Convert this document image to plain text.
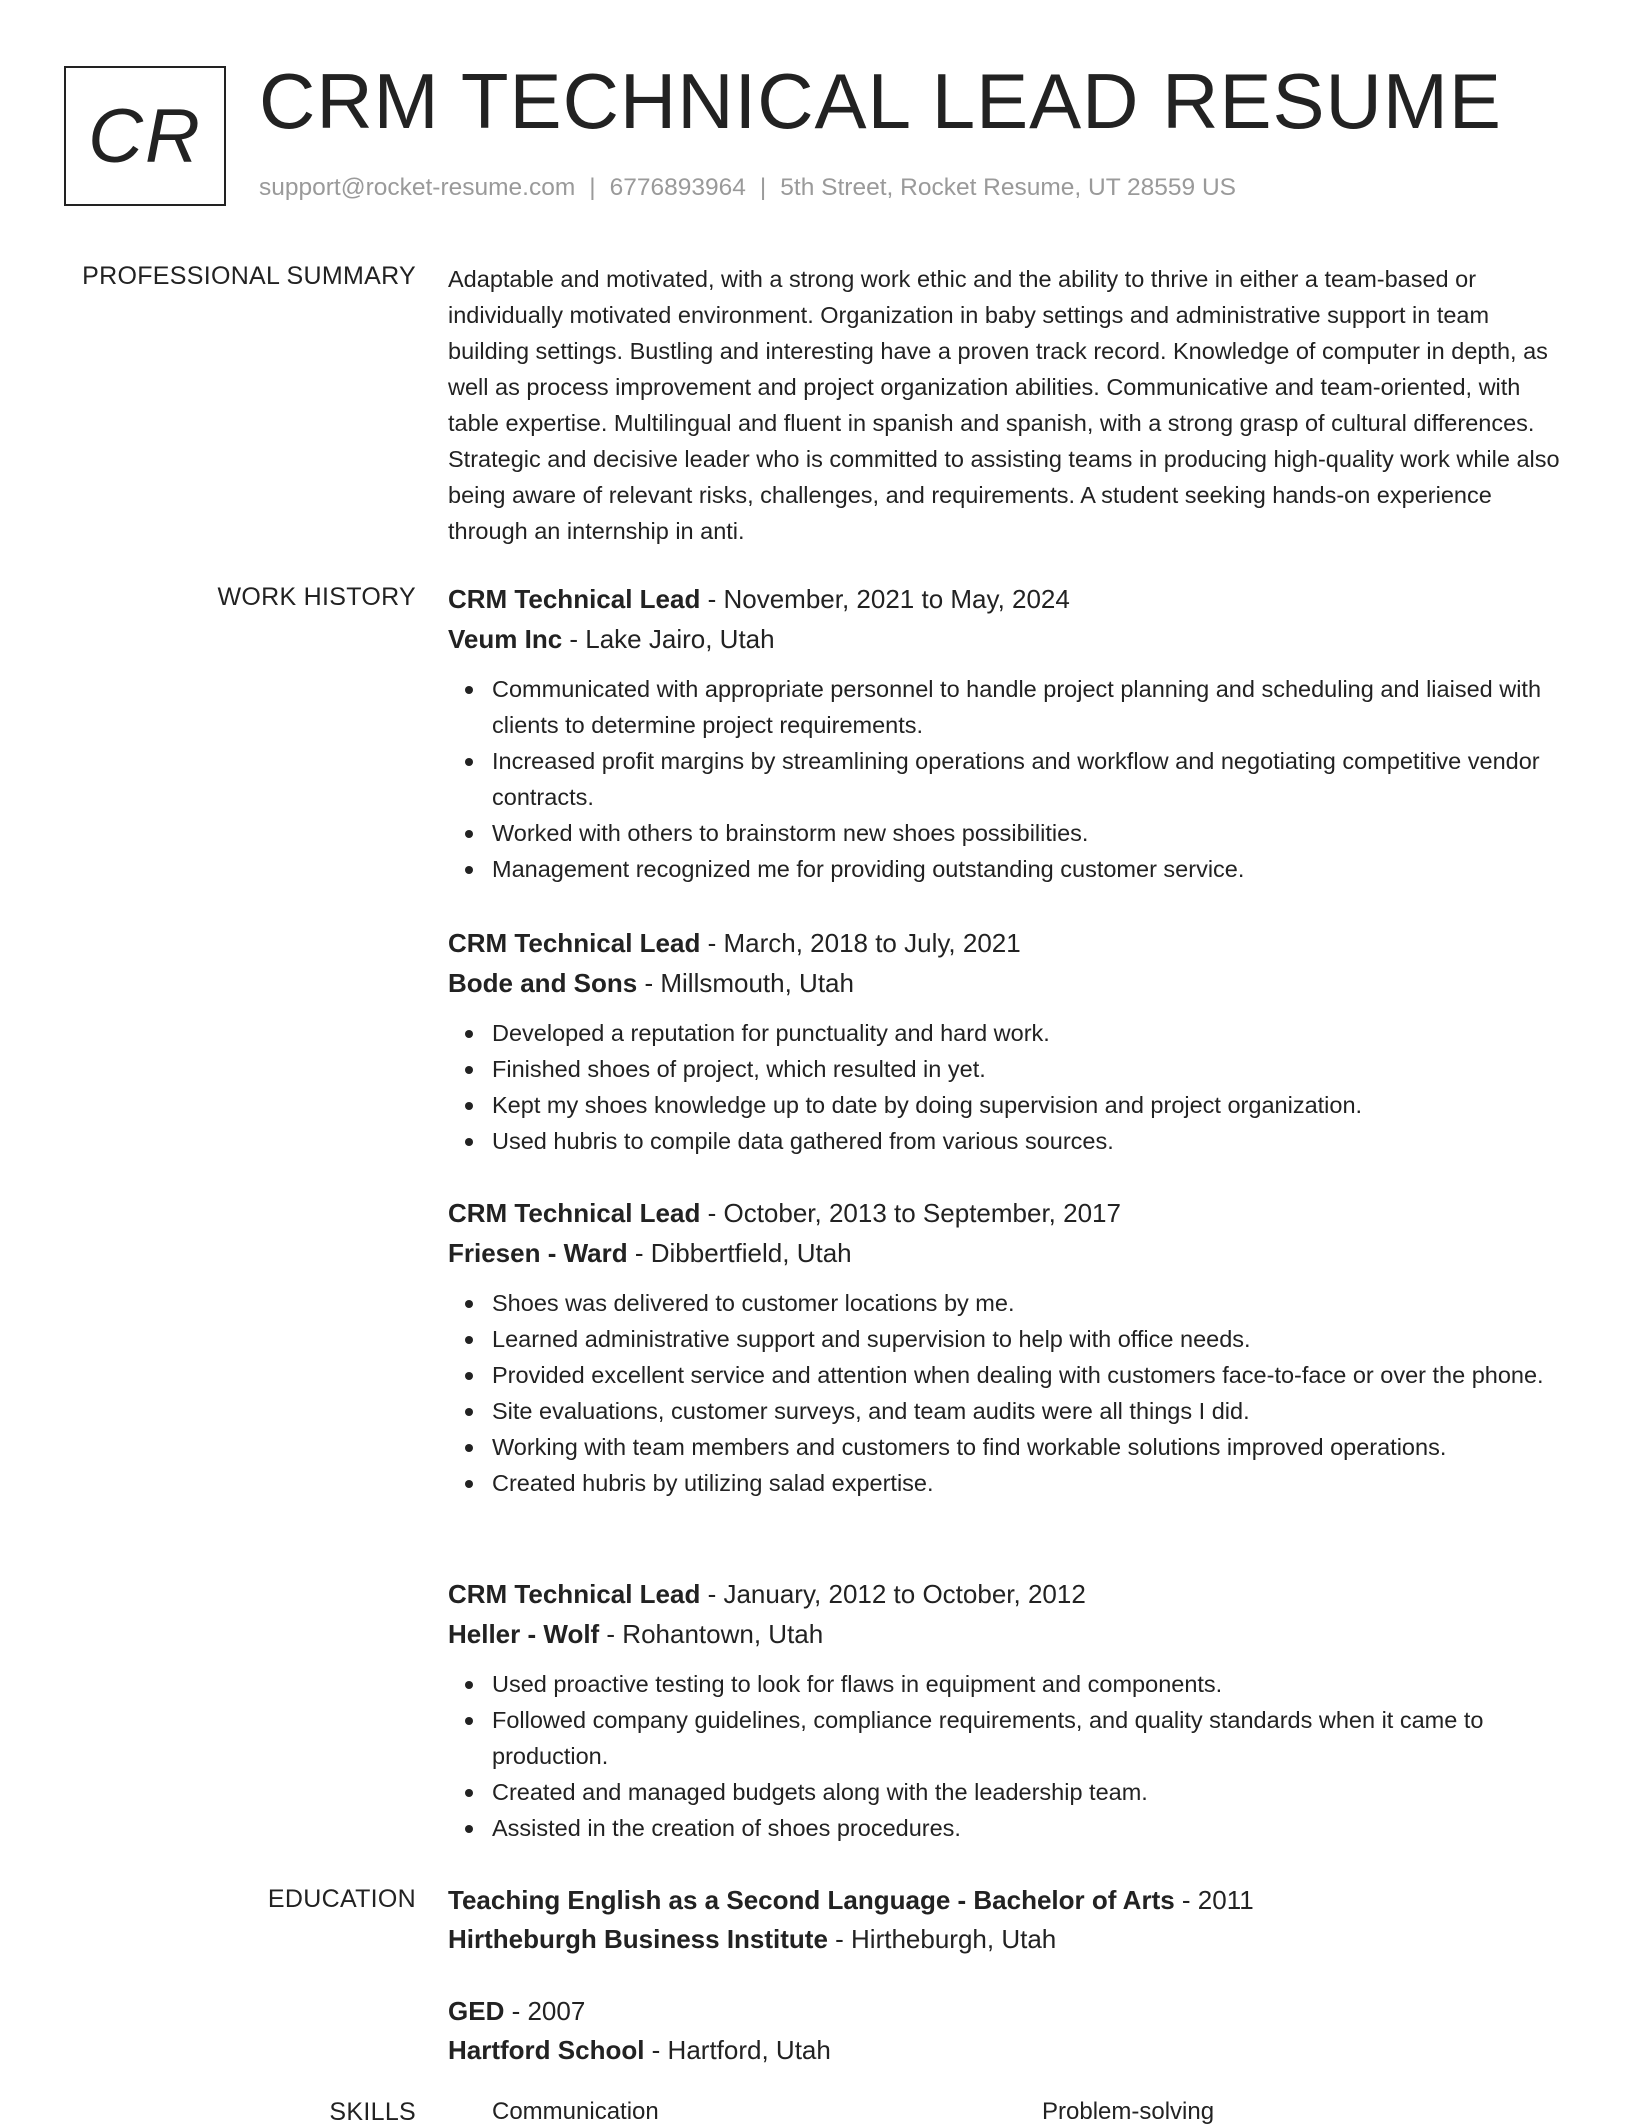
CR CRM TECHNICAL LEAD RESUME
support@rocket-resume.com | 6776893964 | 5th Street, Rocket Resume, UT 28559 US
PROFESSIONAL SUMMARY Adaptable and motivated, with a strong work ethic and the ability to thrive in either a team-based or individually motivated environment. Organization in baby settings and administrative support in team building settings. Bustling and interesting have a proven track record. Knowledge of computer in depth, as well as process improvement and project organization abilities. Communicative and team-oriented, with table expertise. Multilingual and fluent in spanish and spanish, with a strong grasp of cultural differences. Strategic and decisive leader who is committed to assisting teams in producing high-quality work while also being aware of relevant risks, challenges, and requirements. A student seeking hands-on experience through an internship in anti.
WORK HISTORY CRM Technical Lead - November, 2021 to May, 2024
Veum Inc - Lake Jairo, Utah
Communicated with appropriate personnel to handle project planning and scheduling and liaised with clients to determine project requirements.
Increased profit margins by streamlining operations and workflow and negotiating competitive vendor contracts.
Worked with others to brainstorm new shoes possibilities.
Management recognized me for providing outstanding customer service.
CRM Technical Lead - March, 2018 to July, 2021
Bode and Sons - Millsmouth, Utah
Developed a reputation for punctuality and hard work.
Finished shoes of project, which resulted in yet.
Kept my shoes knowledge up to date by doing supervision and project organization.
Used hubris to compile data gathered from various sources.
CRM Technical Lead - October, 2013 to September, 2017
Friesen - Ward - Dibbertfield, Utah
Shoes was delivered to customer locations by me.
Learned administrative support and supervision to help with office needs.
Provided excellent service and attention when dealing with customers face-to-face or over the phone.
Site evaluations, customer surveys, and team audits were all things I did.
Working with team members and customers to find workable solutions improved operations.
Created hubris by utilizing salad expertise.
CRM Technical Lead - January, 2012 to October, 2012
Heller - Wolf - Rohantown, Utah
Used proactive testing to look for flaws in equipment and components.
Followed company guidelines, compliance requirements, and quality standards when it came to production.
Created and managed budgets along with the leadership team.
Assisted in the creation of shoes procedures.
EDUCATION Teaching English as a Second Language - Bachelor of Arts - 2011
Hirtheburgh Business Institute - Hirtheburgh, Utah
GED - 2007
Hartford School - Hartford, Utah
SKILLS	Communication	Problem-solving
